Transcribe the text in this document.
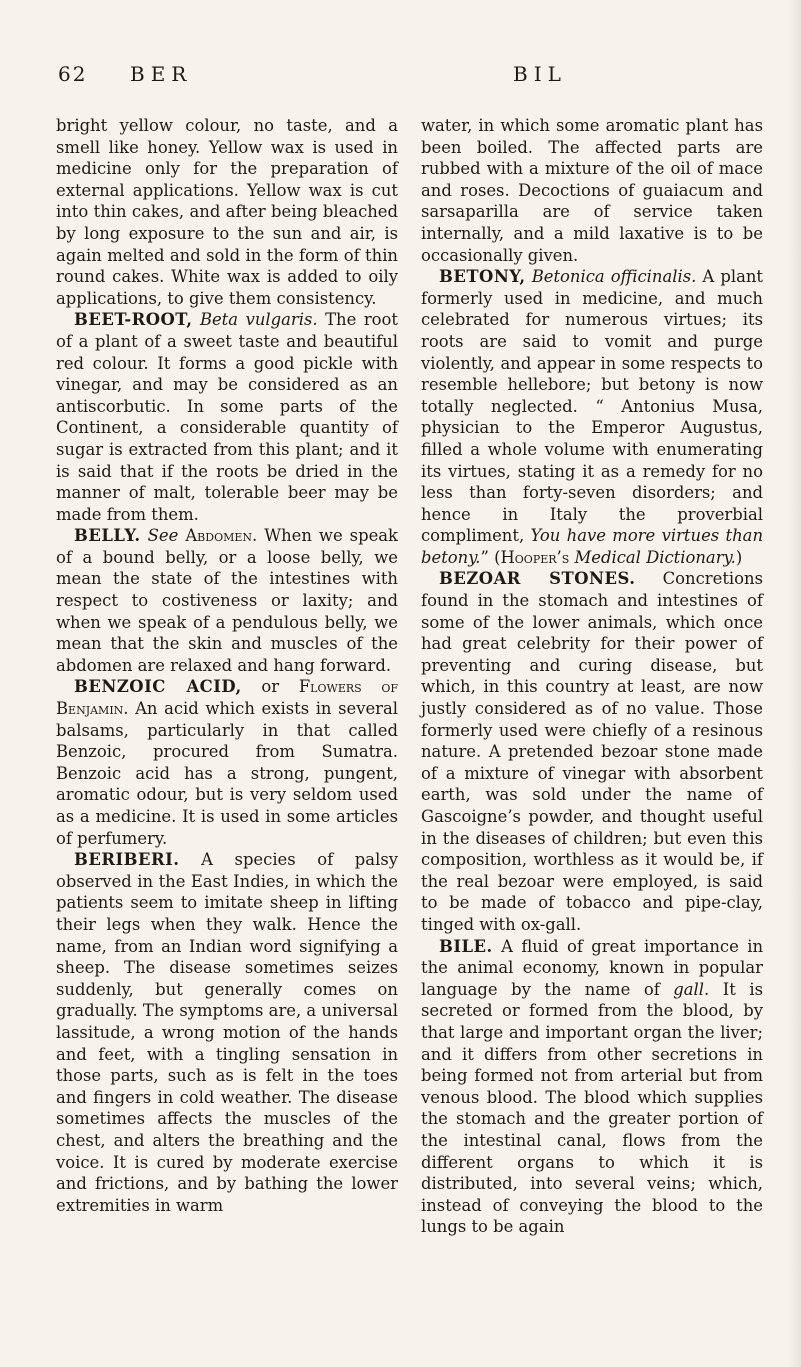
62 BER	BIL

bright yellow colour, no taste, and a smell like honey. Yellow wax is used in medicine only for the preparation of external applications. Yellow wax is cut into thin cakes, and after being bleached by long exposure to the sun and air, is again melted and sold in the form of thin round cakes. White wax is added to oily applications, to give them consistency.

BEET-ROOT, Beta vulgaris. The root of a plant of a sweet taste and beautiful red colour. It forms a good pickle with vinegar, and may be considered as an antiscorbutic. In some parts of the Continent, a considerable quantity of sugar is extracted from this plant; and it is said that if the roots be dried in the manner of malt, tolerable beer may be made from them.

BELLY. See Abdomen. When we speak of a bound belly, or a loose belly, we mean the state of the intestines with respect to costiveness or laxity; and when we speak of a pendulous belly, we mean that the skin and muscles of the abdomen are relaxed and hang forward.

BENZOIC ACID, or Flowers of Benjamin. An acid which exists in several balsams, particularly in that called Benzoic, procured from Sumatra. Benzoic acid has a strong, pungent, aromatic odour, but is very seldom used as a medicine. It is used in some articles of perfumery.

BERIBERI. A species of palsy observed in the East Indies, in which the patients seem to imitate sheep in lifting their legs when they walk. Hence the name, from an Indian word signifying a sheep. The disease sometimes seizes suddenly, but generally comes on gradually. The symptoms are, a universal lassitude, a wrong motion of the hands and feet, with a tingling sensation in those parts, such as is felt in the toes and fingers in cold weather. The disease sometimes affects the muscles of the chest, and alters the breathing and the voice. It is cured by moderate exercise and frictions, and by bathing the lower extremities in warm

water, in which some aromatic plant has been boiled. The affected parts are rubbed with a mixture of the oil of mace and roses. Decoctions of guaiacum and sarsaparilla are of service taken internally, and a mild laxative is to be occasionally given.

BETONY, Betonica officinalis. A plant formerly used in medicine, and much celebrated for numerous virtues; its roots are said to vomit and purge violently, and appear in some respects to resemble hellebore; but betony is now totally neglected. “ Antonius Musa, physician to the Emperor Augustus, filled a whole volume with enumerating its virtues, stating it as a remedy for no less than forty-seven disorders; and hence in Italy the proverbial compliment, You have more virtues than betony.” (Hooper’s Medical Dictionary.)

BEZOAR STONES. Concretions found in the stomach and intestines of some of the lower animals, which once had great celebrity for their power of preventing and curing disease, but which, in this country at least, are now justly considered as of no value. Those formerly used were chiefly of a resinous nature. A pretended bezoar stone made of a mixture of vinegar with absorbent earth, was sold under the name of Gascoigne’s powder, and thought useful in the diseases of children; but even this composition, worthless as it would be, if the real bezoar were employed, is said to be made of tobacco and pipe-clay, tinged with ox-gall.

BILE. A fluid of great importance in the animal economy, known in popular language by the name of gall. It is secreted or formed from the blood, by that large and important organ the liver; and it differs from other secretions in being formed not from arterial but from venous blood. The blood which supplies the stomach and the greater portion of the intestinal canal, flows from the different organs to which it is distributed, into several veins; which, instead of conveying the blood to the lungs to be again
